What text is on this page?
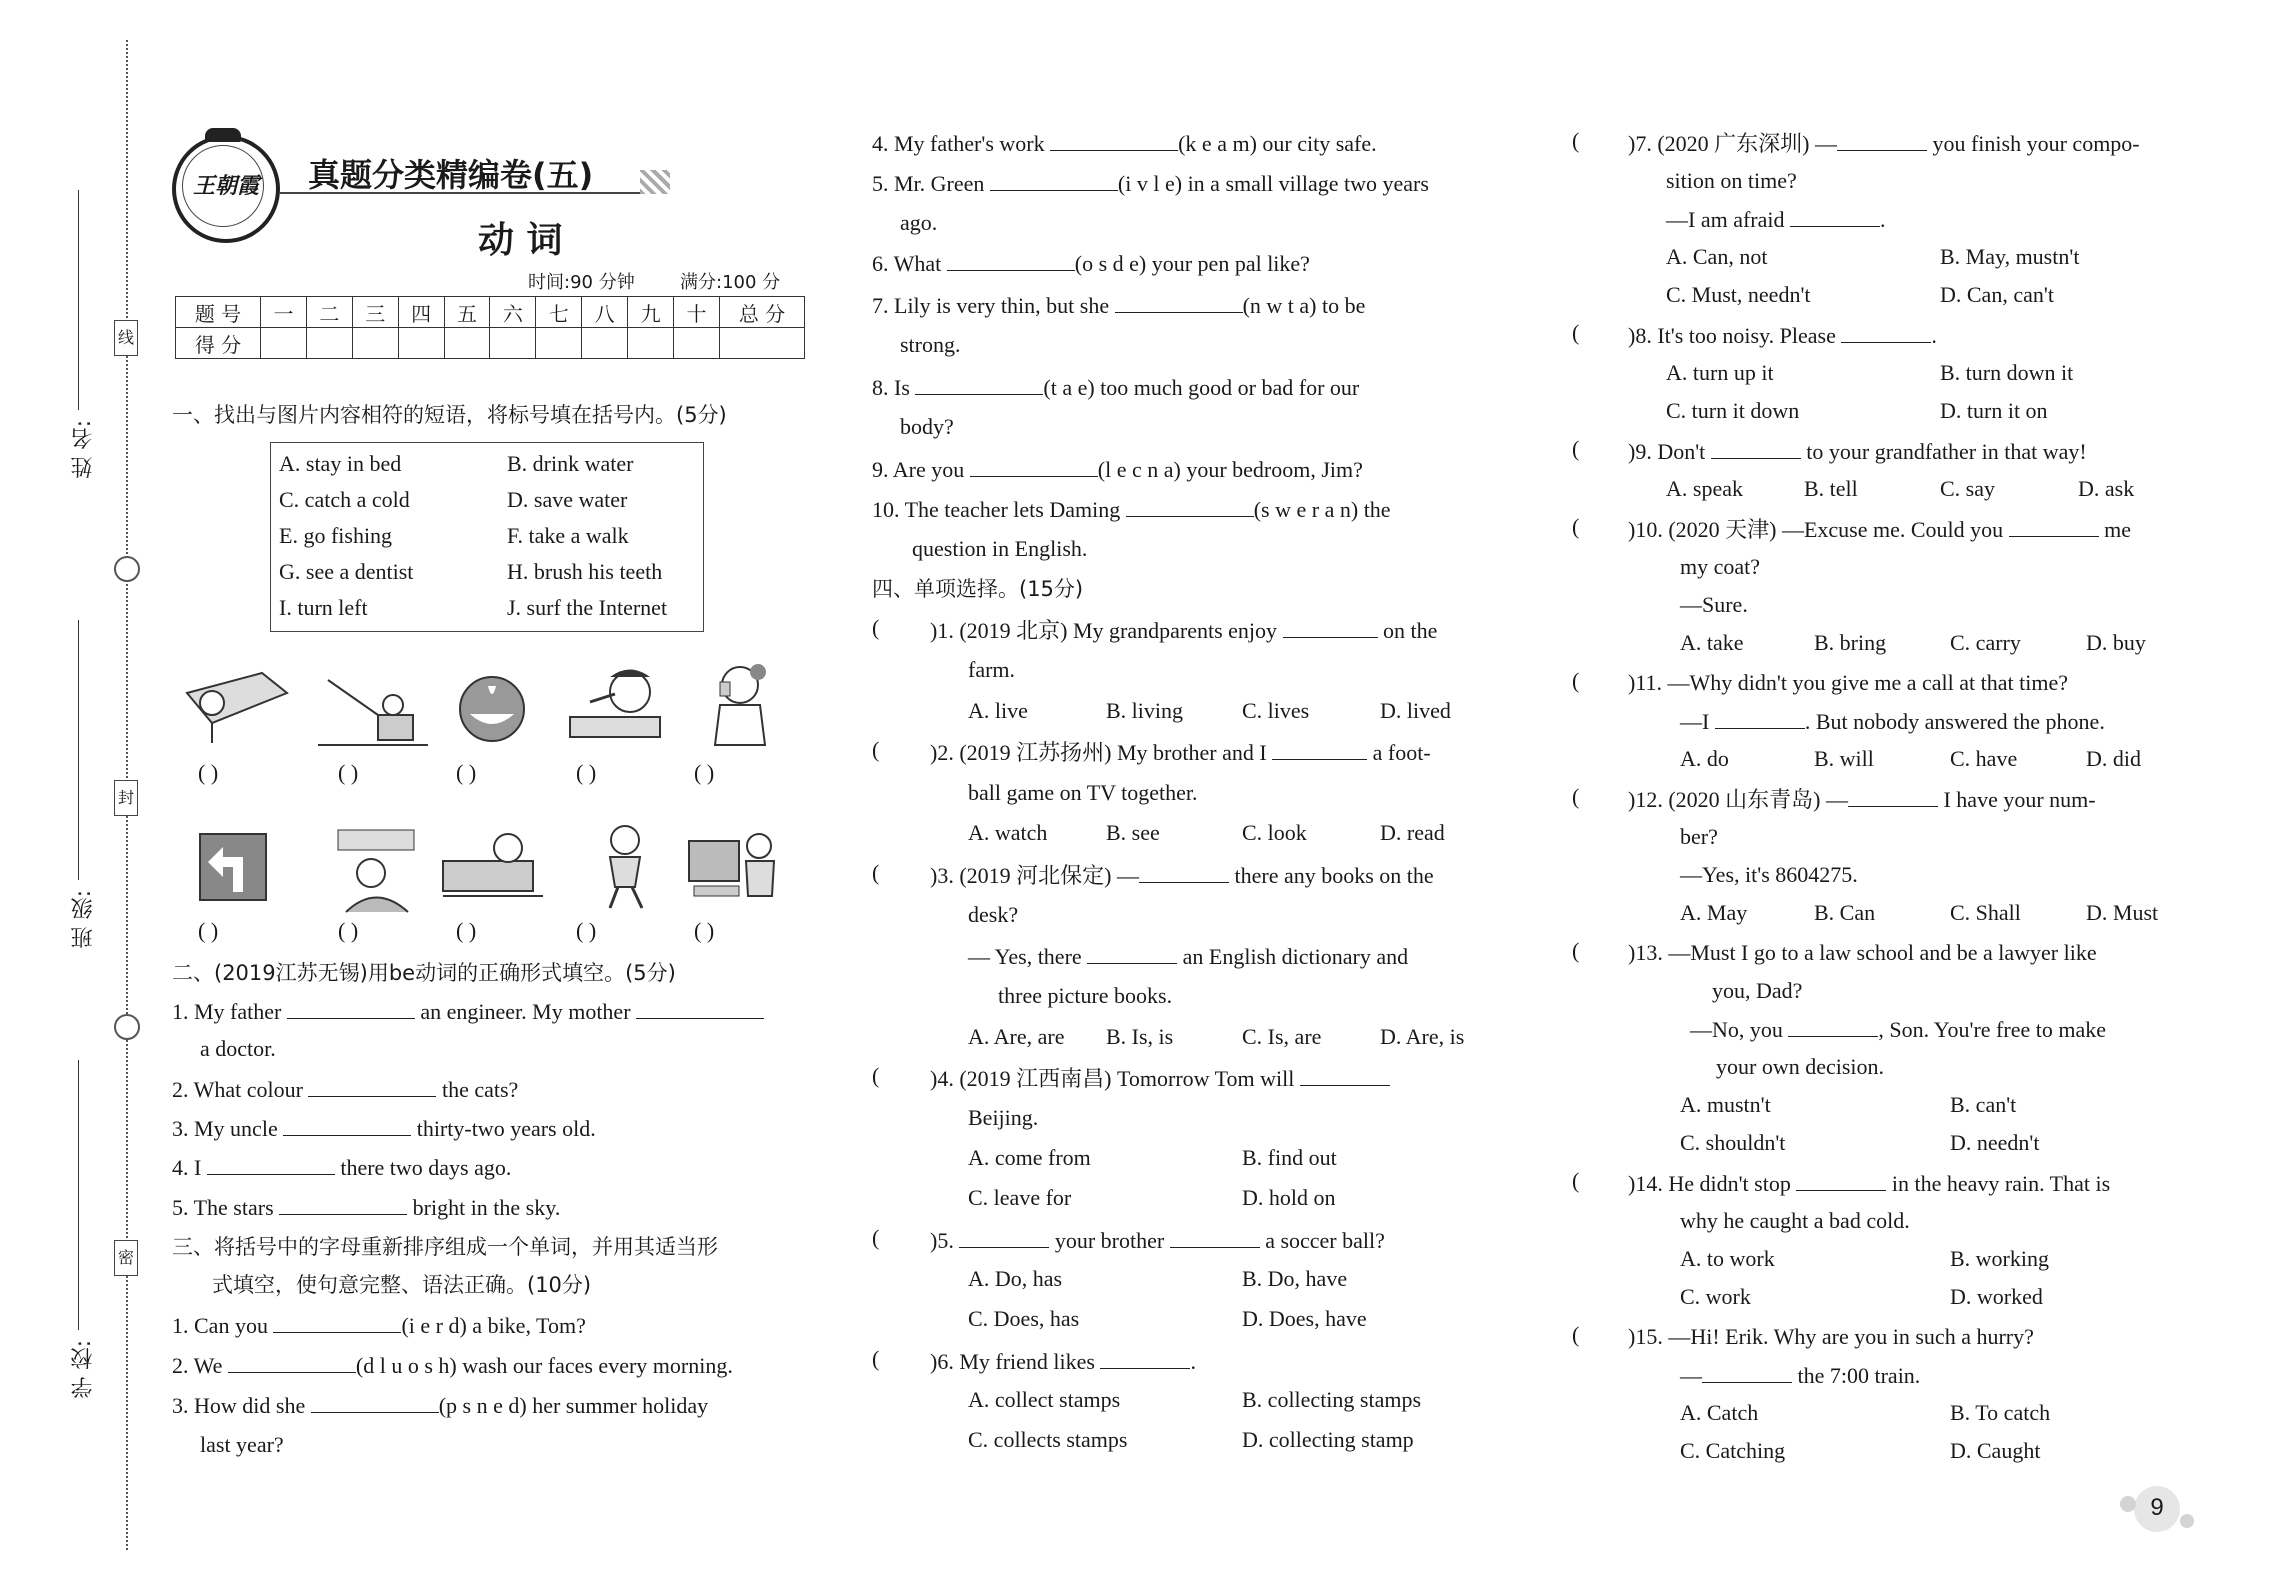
姓 名:
班 级:
学 校:
线
封
密
王朝霞 真题分类精编卷(五)
动 词
时间:90 分钟	满分:100 分
题 号	一	二	三	四	五	六	七	八	九	十	总 分
得 分											
一、找出与图片内容相符的短语，将标号填在括号内。(5分)
A. stay in bed	B. drink water
C. catch a cold	D. save water
E. go fishing	F. take a walk
G. see a dentist	H. brush his teeth
I. turn left	J. surf the Internet
( )	( )	( )	( )	( )
( )	( )	( )	( )	( )
二、(2019江苏无锡)用be动词的正确形式填空。(5分)
1. My father	an engineer. My mother
a doctor.
2. What colour	the cats?
3. My uncle	thirty-two years old.
4. I	there two days ago.
5. The stars	bright in the sky.
三、将括号中的字母重新排序组成一个单词，并用其适当形
式填空，使句意完整、语法正确。(10分)
1. Can you	(i e r d) a bike, Tom?
2. We	(d l u o s h) wash our faces every morning.
3. How did she	(p s n e d) her summer holiday
last year?
4. My father's work	(k e a m) our city safe.
5. Mr. Green	(i v l e) in a small village two years
ago.
6. What	(o s d e) your pen pal like?
7. Lily is very thin, but she	(n w t a) to be
strong.
8. Is	(t a e) too much good or bad for our
body?
9. Are you	(l e c n a) your bedroom, Jim?
10. The teacher lets Daming	(s w e r a n) the
question in English.
四、单项选择。(15分)
( )1. (2019 北京) My grandparents enjoy	on the
farm.
A. live	B. living	C. lives	D. lived
( )2. (2019 江苏扬州) My brother and I	a foot-
ball game on TV together.
A. watch	B. see	C. look	D. read
( )3. (2019 河北保定) —	there any books on the
desk?
— Yes, there	an English dictionary and
three picture books.
A. Are, are B. Is, is	C. Is, are	D. Are, is
( )4. (2019 江西南昌) Tomorrow Tom will
Beijing.
A. come from	B. find out
C. leave for	D. hold on
( )5.	your brother	a soccer ball?
A. Do, has	B. Do, have
C. Does, has	D. Does, have
( )6. My friend likes	.
A. collect stamps	B. collecting stamps
C. collects stamps	D. collecting stamp
( )7. (2020 广东深圳) —	you finish your compo-
sition on time?
—I am afraid	.
A. Can, not	B. May, mustn't
C. Must, needn't	D. Can, can't
( )8. It's too noisy. Please	.
A. turn up it	B. turn down it
C. turn it down	D. turn it on
( )9. Don't	to your grandfather in that way!
A. speak	B. tell	C. say	D. ask
( )10. (2020 天津) —Excuse me. Could you	me
my coat?
—Sure.
A. take	B. bring	C. carry	D. buy
( )11. —Why didn't you give me a call at that time?
—I	. But nobody answered the phone.
A. do	B. will	C. have	D. did
( )12. (2020 山东青岛) —	I have your num-
ber?
—Yes, it's 8604275.
A. May	B. Can	C. Shall	D. Must
( )13. —Must I go to a law school and be a lawyer like
you, Dad?
—No, you	, Son. You're free to make
your own decision.
A. mustn't	B. can't
C. shouldn't	D. needn't
( )14. He didn't stop	in the heavy rain. That is
why he caught a bad cold.
A. to work	B. working
C. work	D. worked
( )15. —Hi! Erik. Why are you in such a hurry?
—	the 7:00 train.
A. Catch	B. To catch
C. Catching	D. Caught
9
